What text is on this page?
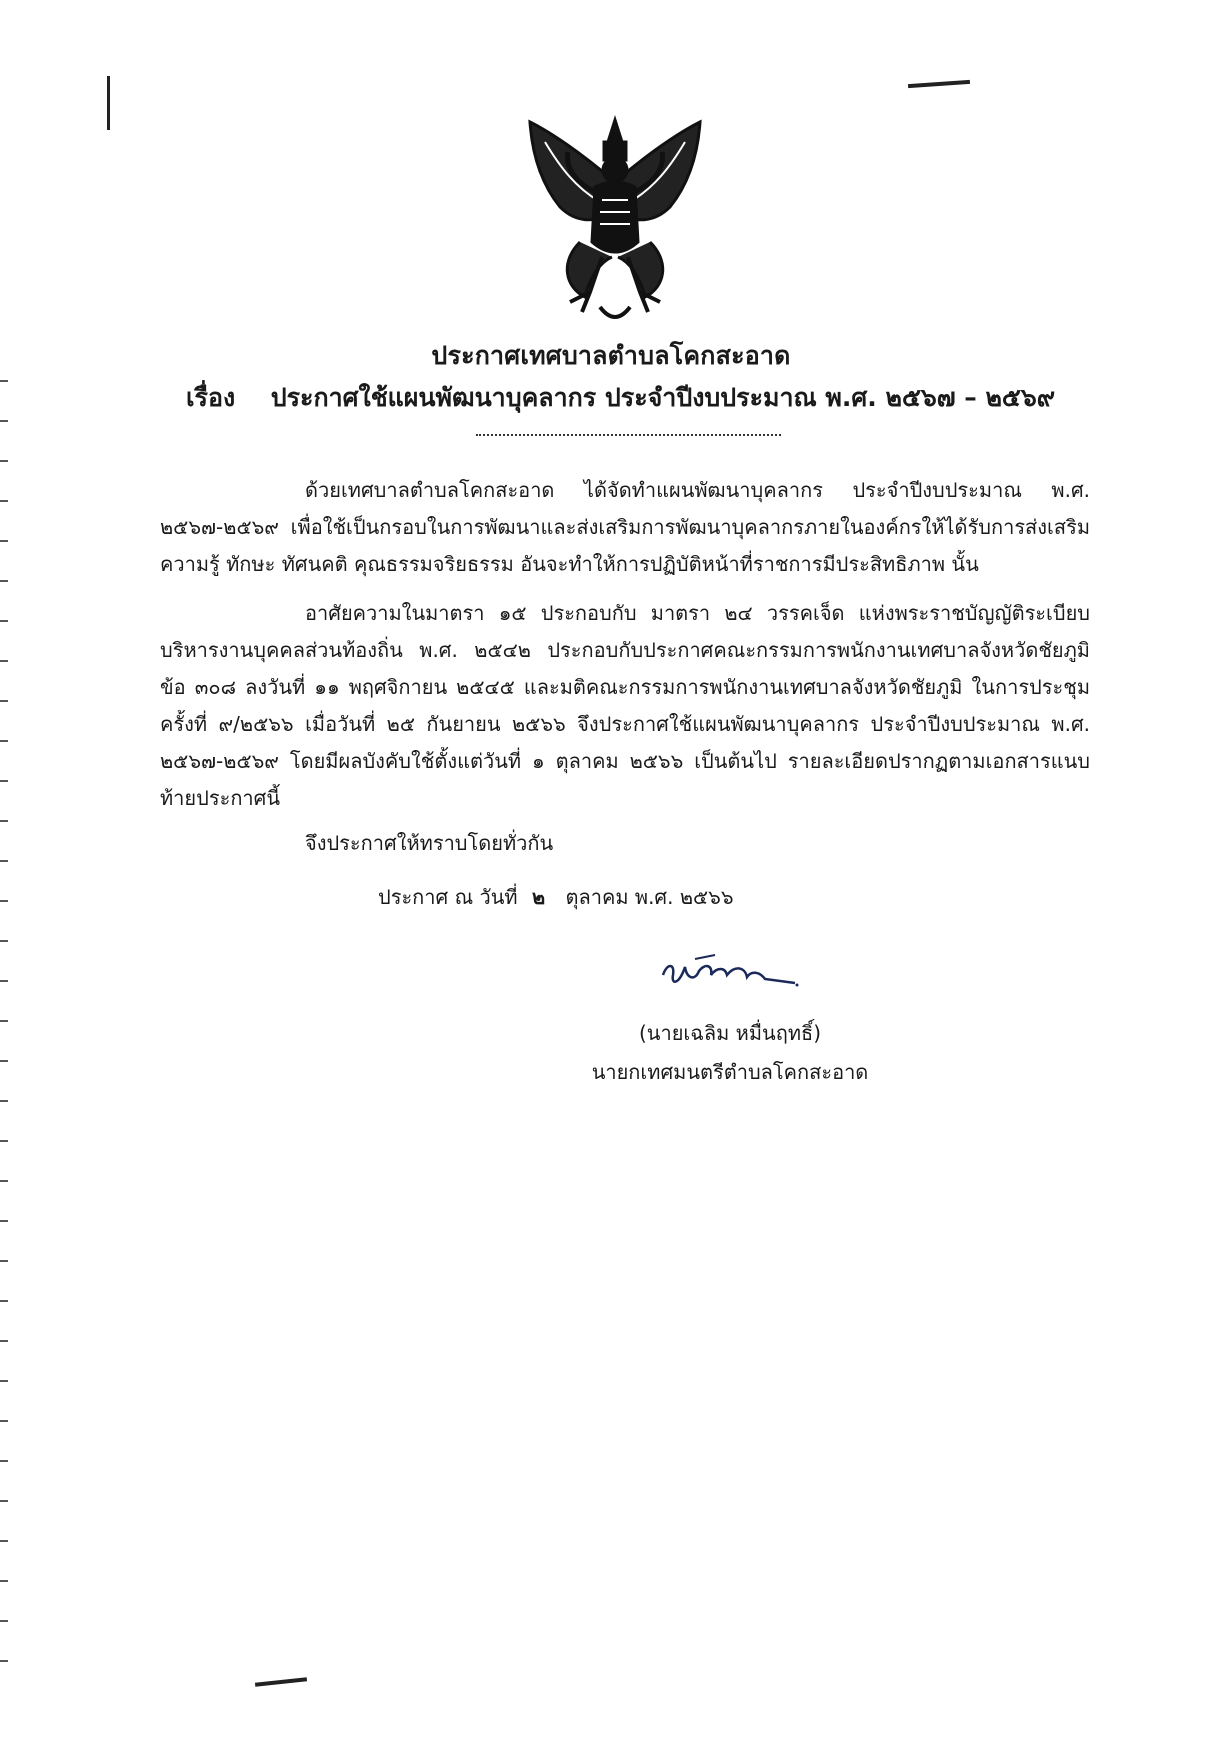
ประกาศเทศบาลตำบลโคกสะอาด
เรื่อง ประกาศใช้แผนพัฒนาบุคลากร ประจำปีงบประมาณ พ.ศ. ๒๕๖๗ – ๒๕๖๙
ด้วยเทศบาลตำบลโคกสะอาด ได้จัดทำแผนพัฒนาบุคลากร ประจำปีงบประมาณ พ.ศ. ๒๕๖๗-๒๕๖๙ เพื่อใช้เป็นกรอบในการพัฒนาและส่งเสริมการพัฒนาบุคลากรภายในองค์กรให้ได้รับการส่งเสริมความรู้ ทักษะ ทัศนคติ คุณธรรมจริยธรรม อันจะทำให้การปฏิบัติหน้าที่ราชการมีประสิทธิภาพ นั้น
อาศัยความในมาตรา ๑๕ ประกอบกับ มาตรา ๒๔ วรรคเจ็ด แห่งพระราชบัญญัติระเบียบบริหารงานบุคคลส่วนท้องถิ่น พ.ศ. ๒๕๔๒ ประกอบกับประกาศคณะกรรมการพนักงานเทศบาลจังหวัดชัยภูมิ ข้อ ๓๐๘ ลงวันที่ ๑๑ พฤศจิกายน ๒๕๔๕ และมติคณะกรรมการพนักงานเทศบาลจังหวัดชัยภูมิ ในการประชุมครั้งที่ ๙/๒๕๖๖ เมื่อวันที่ ๒๕ กันยายน ๒๕๖๖ จึงประกาศใช้แผนพัฒนาบุคลากร ประจำปีงบประมาณ พ.ศ. ๒๕๖๗-๒๕๖๙ โดยมีผลบังคับใช้ตั้งแต่วันที่ ๑ ตุลาคม ๒๕๖๖ เป็นต้นไป รายละเอียดปรากฏตามเอกสารแนบท้ายประกาศนี้
จึงประกาศให้ทราบโดยทั่วกัน
ประกาศ ณ วันที่ ๒ ตุลาคม พ.ศ. ๒๕๖๖
(นายเฉลิม หมื่นฤทธิ์)
นายกเทศมนตรีตำบลโคกสะอาด
